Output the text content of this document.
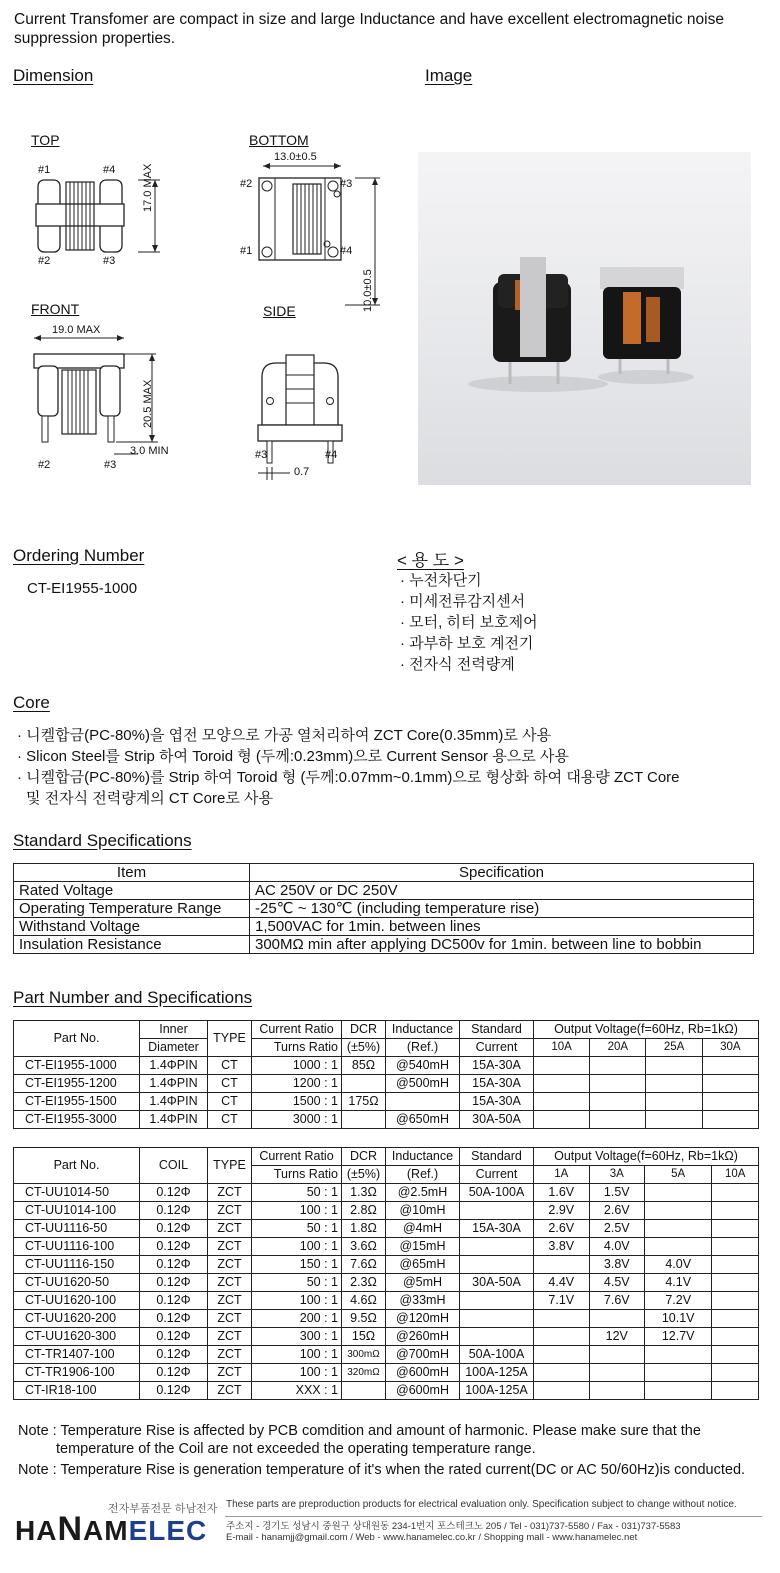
Current Transfomer are compact in size and large Inductance and have excellent electromagnetic noise suppression properties.
Dimension	Image
TOP
#1	#4
#2	#3
17.0 MAX
BOTTOM
13.0±0.5
#2	#3
#1	#4
10.0±0.5
FRONT
19.0 MAX
20.5 MAX
3.0 MIN
#2	#3
SIDE
#3	#4
0.7
Ordering Number
CT-EI1955-1000
< 용 도 >
· 누전차단기
· 미세전류감지센서
· 모터, 히터 보호제어
· 과부하 보호 계전기
· 전자식 전력량계
Core
· 니켈합금(PC-80%)을 엽전 모양으로 가공 열처리하여 ZCT Core(0.35mm)로 사용
· Slicon Steel를 Strip 하여 Toroid 형 (두께:0.23mm)으로 Current Sensor 용으로 사용
· 니켈합금(PC-80%)를 Strip 하여 Toroid 형 (두께:0.07mm~0.1mm)으로 형상화 하여 대용량 ZCT Core
및 전자식 전력량계의 CT Core로 사용
Standard Specifications
Item	Specification
Rated Voltage	AC 250V or DC 250V
Operating Temperature Range	-25℃ ~ 130℃ (including temperature rise)
Withstand Voltage	1,500VAC for 1min. between lines
Insulation Resistance	300MΩ min after applying DC500v for 1min. between line to bobbin
Part Number and Specifications
Part No.	Inner	TYPE	Current Ratio	DCR	Inductance	Standard	Output Voltage(f=60Hz, Rb=1kΩ)			
	Diameter		Turns Ratio	(±5%)	(Ref.)	Current	10A	20A	25A	30A
CT-EI1955-1000	1.4ΦPIN	CT	1000 : 1	85Ω	@540mH	15A-30A				
CT-EI1955-1200	1.4ΦPIN	CT	1200 : 1		@500mH	15A-30A				
CT-EI1955-1500	1.4ΦPIN	CT	1500 : 1	175Ω		15A-30A				
CT-EI1955-3000	1.4ΦPIN	CT	3000 : 1		@650mH	30A-50A				
Part No.	COIL	TYPE	Current Ratio	DCR	Inductance	Standard	Output Voltage(f=60Hz, Rb=1kΩ)			
			Turns Ratio	(±5%)	(Ref.)	Current	1A	3A	5A	10A
CT-UU1014-50	0.12Φ	ZCT	50 : 1	1.3Ω	@2.5mH	50A-100A	1.6V	1.5V		
CT-UU1014-100	0.12Φ	ZCT	100 : 1	2.8Ω	@10mH		2.9V	2.6V		
CT-UU1116-50	0.12Φ	ZCT	50 : 1	1.8Ω	@4mH	15A-30A	2.6V	2.5V		
CT-UU1116-100	0.12Φ	ZCT	100 : 1	3.6Ω	@15mH		3.8V	4.0V		
CT-UU1116-150	0.12Φ	ZCT	150 : 1	7.6Ω	@65mH			3.8V	4.0V	
CT-UU1620-50	0.12Φ	ZCT	50 : 1	2.3Ω	@5mH	30A-50A	4.4V	4.5V	4.1V	
CT-UU1620-100	0.12Φ	ZCT	100 : 1	4.6Ω	@33mH		7.1V	7.6V	7.2V	
CT-UU1620-200	0.12Φ	ZCT	200 : 1	9.5Ω	@120mH				10.1V	
CT-UU1620-300	0.12Φ	ZCT	300 : 1	15Ω	@260mH			12V	12.7V	
CT-TR1407-100	0.12Φ	ZCT	100 : 1	300mΩ	@700mH	50A-100A				
CT-TR1906-100	0.12Φ	ZCT	100 : 1	320mΩ	@600mH	100A-125A				
CT-IR18-100	0.12Φ	ZCT	XXX : 1		@600mH	100A-125A				
Note : Temperature Rise is affected by PCB comdition and amount of harmonic. Please make sure that the
temperature of the Coil are not exceeded the operating temperature range.
Note : Temperature Rise is generation temperature of it's when the rated current(DC or AC 50/60Hz)is conducted.
HANAMELEC
전자부품전문 하남전자 These parts are preproduction products for electrical evaluation only. Specification subject to change without notice.
주소지 - 경기도 성남시 중원구 상대원동 234-1번지 포스테크노 205 / Tel - 031)737-5580 / Fax - 031)737-5583
E-mail - hanamjj@gmail.com / Web - www.hanamelec.co.kr / Shopping mall - www.hanamelec.net
